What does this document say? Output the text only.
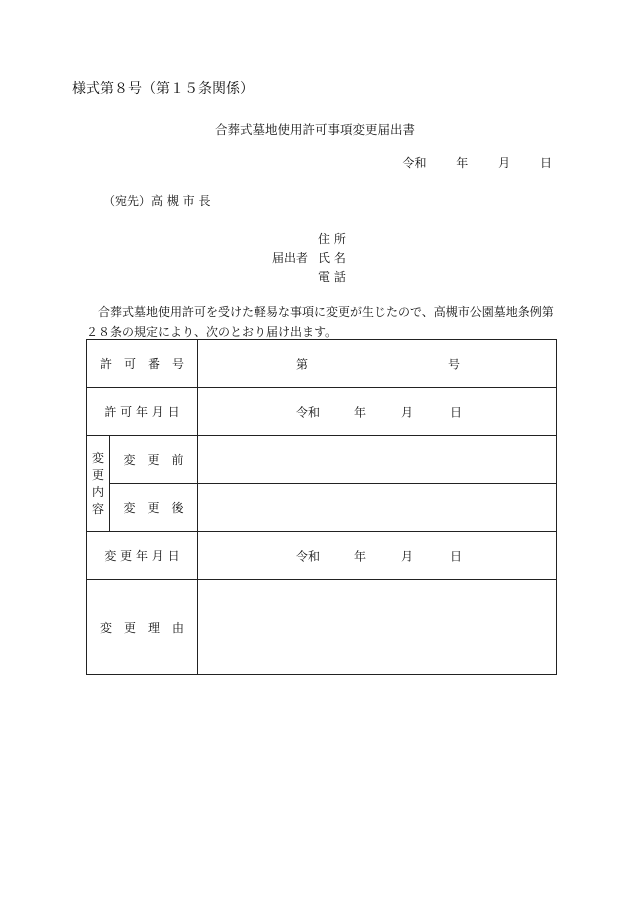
様式第８号（第１５条関係）
合葬式墓地使用許可事項変更届出書
令和 年 月 日
（宛先）高 槻 市 長
住 所
届出者 氏 名
電 話
合葬式墓地使用許可を受けた軽易な事項に変更が生じたので、高槻市公園墓地条例第２８条の規定により、次のとおり届け出ます。
許　可　番　号		第 号

許 可 年 月 日		令和 年 月 日

変
更
内
容	変　更　前	
	変　更　後	
変 更 年 月 日		令和 年 月 日

変　更　理　由		
